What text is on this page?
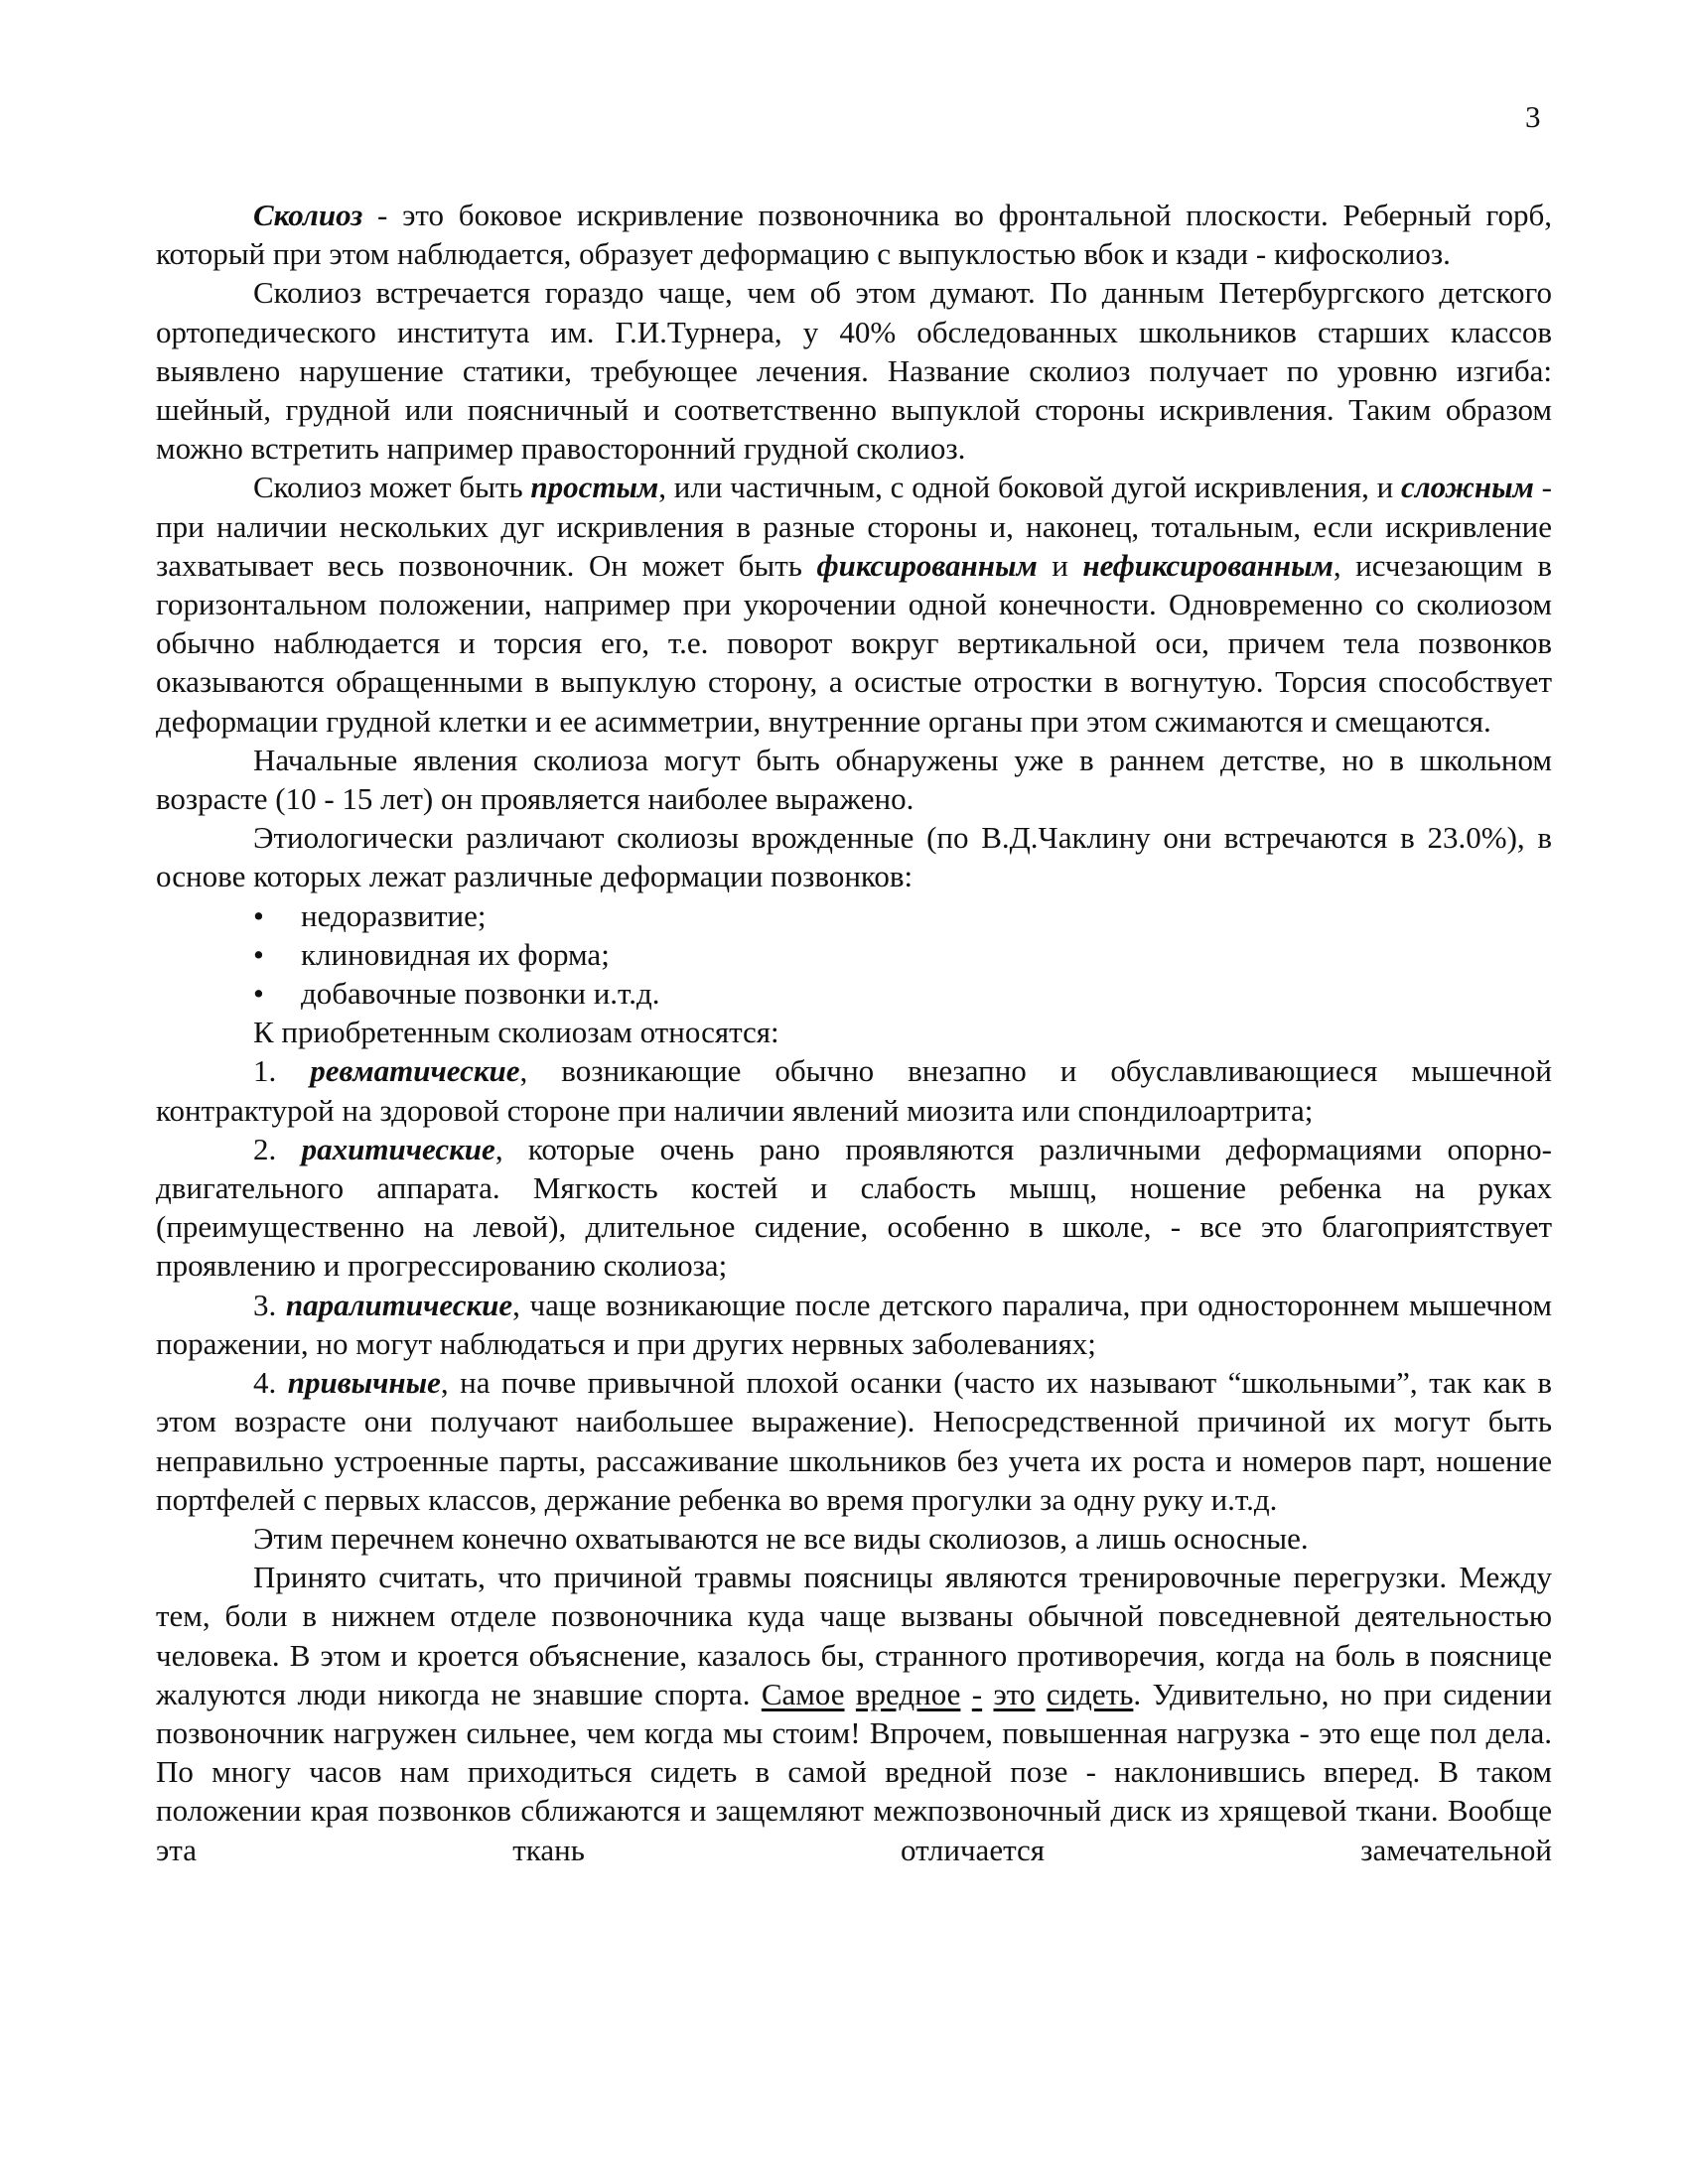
3

Сколиоз - это боковое искривление позвоночника во фронтальной плоскости. Реберный горб, который при этом наблюдается, образует деформацию с выпуклостью вбок и кзади - кифосколиоз.

Сколиоз встречается гораздо чаще, чем об этом думают. По данным Петербургского детского ортопедического института им. Г.И.Турнера, у 40% обследованных школьников старших классов выявлено нарушение статики, требующее лечения. Название сколиоз получает по уровню изгиба: шейный, грудной или поясничный и соответственно выпуклой стороны искривления. Таким образом можно встретить например правосторонний грудной сколиоз.

Сколиоз может быть простым, или частичным, с одной боковой дугой искривления, и сложным - при наличии нескольких дуг искривления в разные стороны и, наконец, тотальным, если искривление захватывает весь позвоночник. Он может быть фиксированным и нефиксированным, исчезающим в горизонтальном положении, например при укорочении одной конечности. Одновременно со сколиозом обычно наблюдается и торсия его, т.е. поворот вокруг вертикальной оси, причем тела позвонков оказываются обращенными в выпуклую сторону, а осистые отростки в вогнутую. Торсия способствует деформации грудной клетки и ее асимметрии, внутренние органы при этом сжимаются и смещаются.

Начальные явления сколиоза могут быть обнаружены уже в раннем детстве, но в школьном возрасте (10 - 15 лет) он проявляется наиболее выражено.

Этиологически различают сколиозы врожденные (по В.Д.Чаклину они встречаются в 23.0%), в основе которых лежат различные деформации позвонков:

• недоразвитие;
• клиновидная их форма;
• добавочные позвонки и.т.д.

К приобретенным сколиозам относятся:

1. ревматические, возникающие обычно внезапно и обуславливающиеся мышечной контрактурой на здоровой стороне при наличии явлений миозита или спондилоартрита;

2. рахитические, которые очень рано проявляются различными деформациями опорно-двигательного аппарата. Мягкость костей и слабость мышц, ношение ребенка на руках (преимущественно на левой), длительное сидение, особенно в школе, - все это благоприятствует проявлению и прогрессированию сколиоза;

3. паралитические, чаще возникающие после детского паралича, при одностороннем мышечном поражении, но могут наблюдаться и при других нервных заболеваниях;

4. привычные, на почве привычной плохой осанки (часто их называют “школьными”, так как в этом возрасте они получают наибольшее выражение). Непосредственной причиной их могут быть неправильно устроенные парты, рассаживание школьников без учета их роста и номеров парт, ношение портфелей с первых классов, держание ребенка во время прогулки за одну руку и.т.д.

Этим перечнем конечно охватываются не все виды сколиозов, а лишь осносные.

Принято считать, что причиной травмы поясницы являются тренировочные перегрузки. Между тем, боли в нижнем отделе позвоночника куда чаще вызваны обычной повседневной деятельностью человека. В этом и кроется объяснение, казалось бы, странного противоречия, когда на боль в пояснице жалуются люди никогда не знавшие спорта. Самое вредное - это сидеть. Удивительно, но при сидении позвоночник нагружен сильнее, чем когда мы стоим! Впрочем, повышенная нагрузка - это еще пол дела. По многу часов нам приходиться сидеть в самой вредной позе - наклонившись вперед. В таком положении края позвонков сближаются и защемляют межпозвоночный диск из хрящевой ткани. Вообще эта ткань отличается замечательной
